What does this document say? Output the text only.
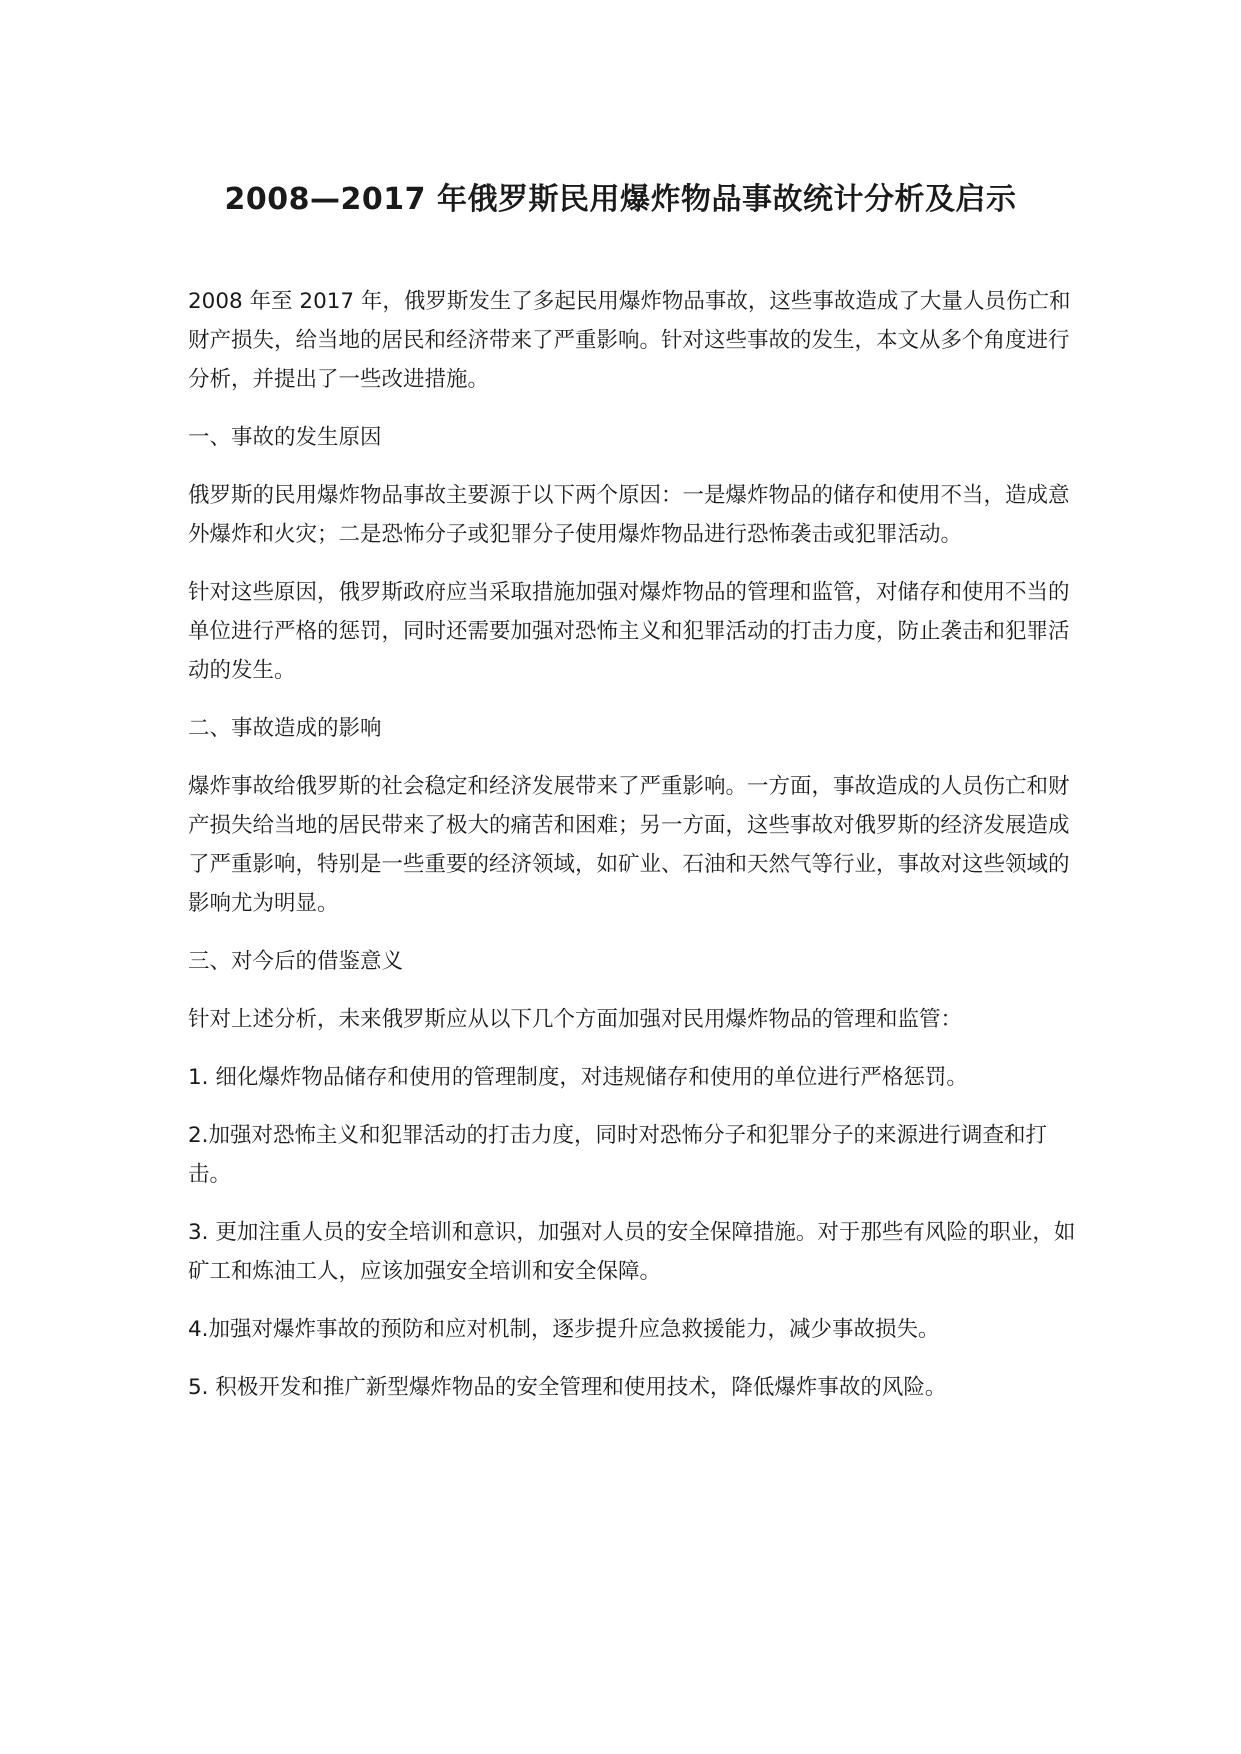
2008—2017 年俄罗斯民用爆炸物品事故统计分析及启示

2008 年至 2017 年，俄罗斯发生了多起民用爆炸物品事故，这些事故造成了大量人员伤亡和财产损失，给当地的居民和经济带来了严重影响。针对这些事故的发生，本文从多个角度进行分析，并提出了一些改进措施。

一、事故的发生原因

俄罗斯的民用爆炸物品事故主要源于以下两个原因：一是爆炸物品的储存和使用不当，造成意外爆炸和火灾；二是恐怖分子或犯罪分子使用爆炸物品进行恐怖袭击或犯罪活动。

针对这些原因，俄罗斯政府应当采取措施加强对爆炸物品的管理和监管，对储存和使用不当的单位进行严格的惩罚，同时还需要加强对恐怖主义和犯罪活动的打击力度，防止袭击和犯罪活动的发生。

二、事故造成的影响

爆炸事故给俄罗斯的社会稳定和经济发展带来了严重影响。一方面，事故造成的人员伤亡和财产损失给当地的居民带来了极大的痛苦和困难；另一方面，这些事故对俄罗斯的经济发展造成了严重影响，特别是一些重要的经济领域，如矿业、石油和天然气等行业，事故对这些领域的影响尤为明显。

三、对今后的借鉴意义

针对上述分析，未来俄罗斯应从以下几个方面加强对民用爆炸物品的管理和监管：

1. 细化爆炸物品储存和使用的管理制度，对违规储存和使用的单位进行严格惩罚。

2.加强对恐怖主义和犯罪活动的打击力度，同时对恐怖分子和犯罪分子的来源进行调查和打击。

3. 更加注重人员的安全培训和意识，加强对人员的安全保障措施。对于那些有风险的职业，如矿工和炼油工人，应该加强安全培训和安全保障。

4.加强对爆炸事故的预防和应对机制，逐步提升应急救援能力，减少事故损失。

5. 积极开发和推广新型爆炸物品的安全管理和使用技术，降低爆炸事故的风险。
